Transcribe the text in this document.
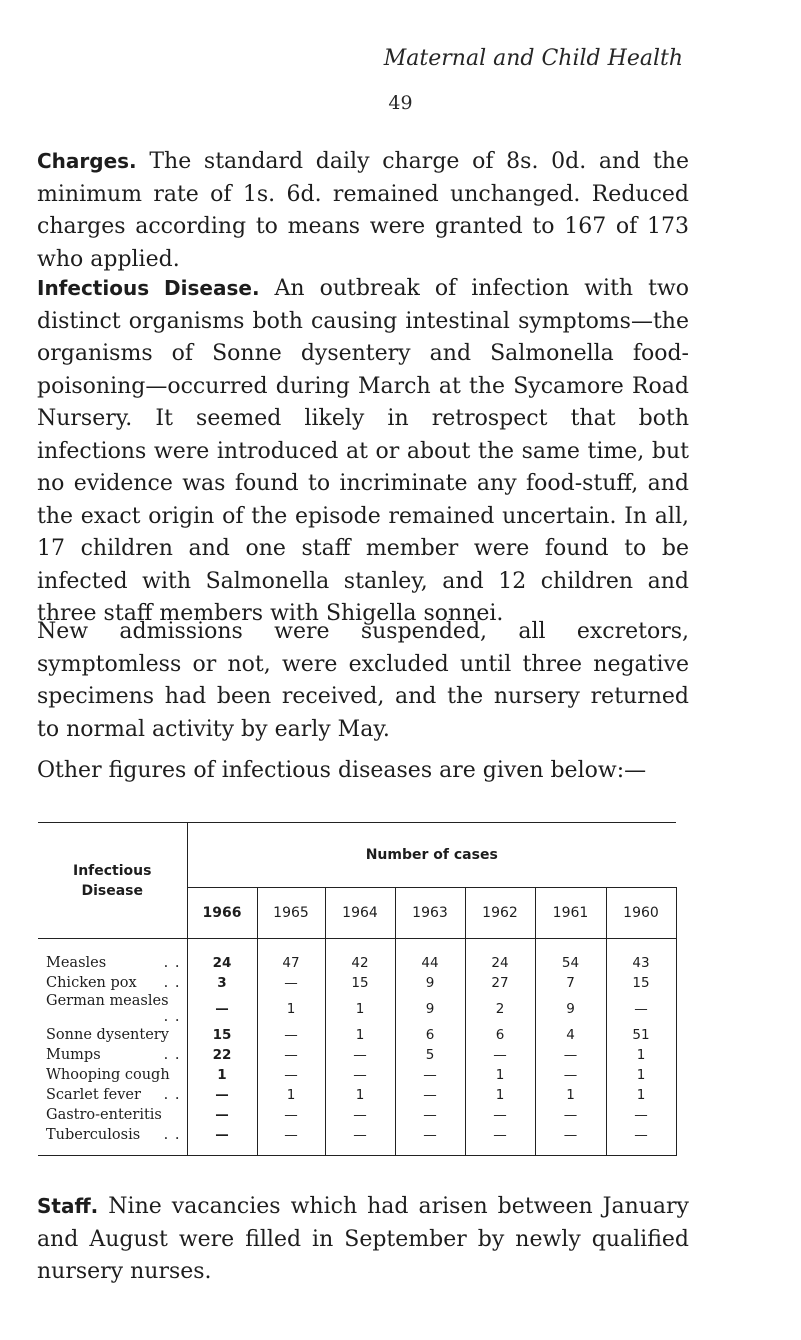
Maternal and Child Health
49

Charges. The standard daily charge of 8s. 0d. and the minimum rate of 1s. 6d. remained unchanged. Reduced charges according to means were granted to 167 of 173 who applied.

Infectious Disease. An outbreak of infection with two distinct organisms both causing intestinal symptoms—the organisms of Sonne dysentery and Salmonella food-poisoning—occurred during March at the Sycamore Road Nursery. It seemed likely in retrospect that both infections were introduced at or about the same time, but no evidence was found to incriminate any food-stuff, and the exact origin of the episode remained uncertain. In all, 17 children and one staff member were found to be infected with Salmonella stanley, and 12 children and three staff members with Shigella sonnei.

New admissions were suspended, all excretors, symptomless or not, were excluded until three negative specimens had been received, and the nursery returned to normal activity by early May.

Other figures of infectious diseases are given below:—

Infectious Disease	Number of cases						
	1966	1965	1964	1963	1962	1961	1960

Measles . .	24	47	42	44	24	54	43
Chicken pox . .	3	—	15	9	27	7	15
German measles
. .	—	1	1	9	2	9	—
Sonne dysentery	15	—	1	6	6	4	51
Mumps . .	22	—	—	5	—	—	1
Whooping cough	1	—	—	—	1	—	1
Scarlet fever . .	—	1	1	—	1	1	1
Gastro-enteritis	—	—	—	—	—	—	—
Tuberculosis . .	—	—	—	—	—	—	—

Staff. Nine vacancies which had arisen between January and August were filled in September by newly qualified nursery nurses.
